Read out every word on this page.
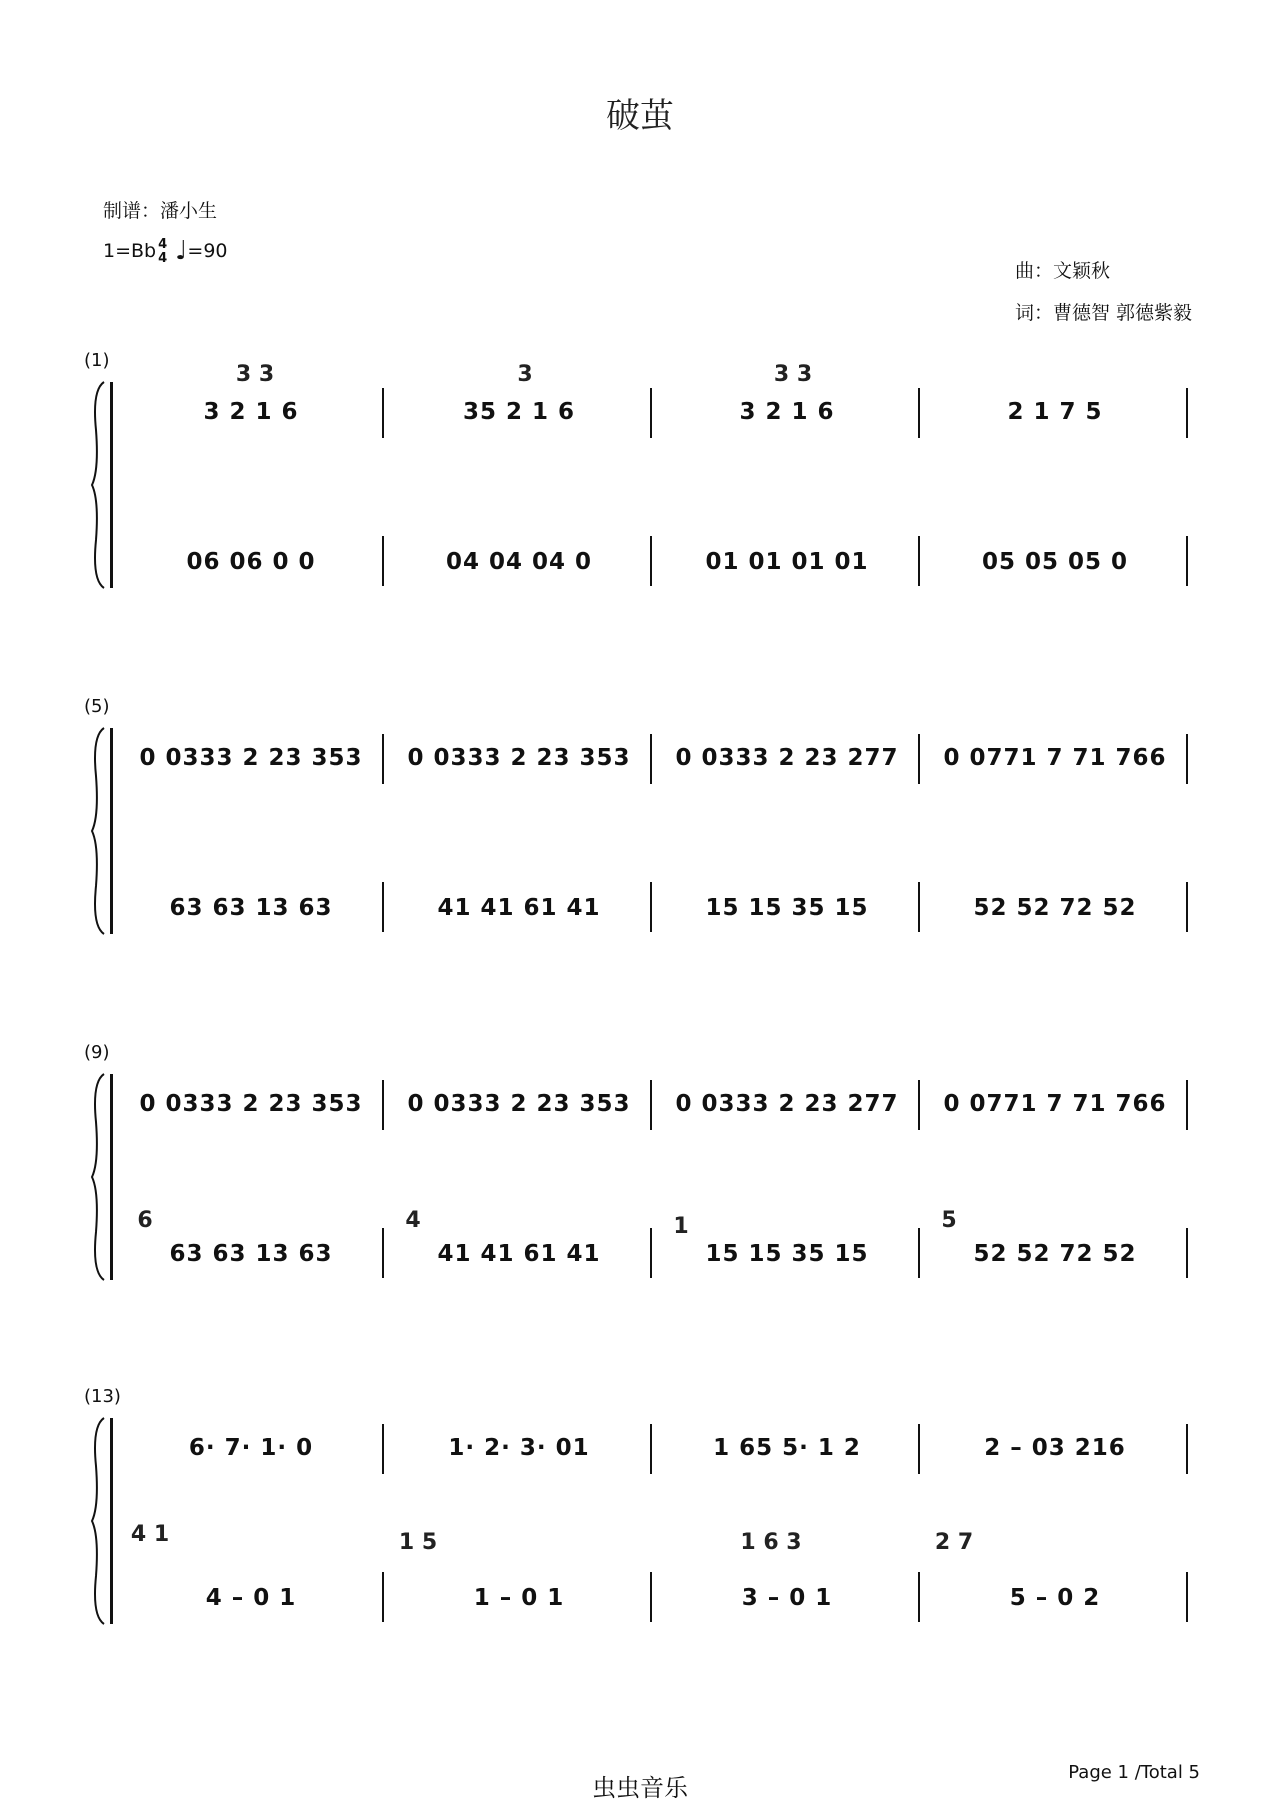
破茧
制谱：潘小生
1=Bb 4
4 ♩=90
曲：文颖秋
词：曹德智 郭德紫毅
(1)
3 3	3	3 3
3 2 1 6	35 2 1 6	3 2 1 6	2 1 7 5
06 06 0 0	04 04 04 0	01 01 01 01	05 05 05 0
(5)
0 0333 2 23 353	0 0333 2 23 353	0 0333 2 23 277	0 0771 7 71 766
63 63 13 63	41 41 61 41	15 15 35 15	52 52 72 52
(9)
0 0333 2 23 353	0 0333 2 23 353	0 0333 2 23 277	0 0771 7 71 766
6	4	1	5
63 63 13 63	41 41 61 41	15 15 35 15	52 52 72 52
(13)
6· 7· 1· 0	1· 2· 3· 01	1 65 5· 1 2	2 – 03 216
4 1	1 5	1 6 3	2 7
4 – 0 1	1 – 0 1	3 – 0 1	5 – 0 2
虫虫音乐
Page 1 /Total 5
